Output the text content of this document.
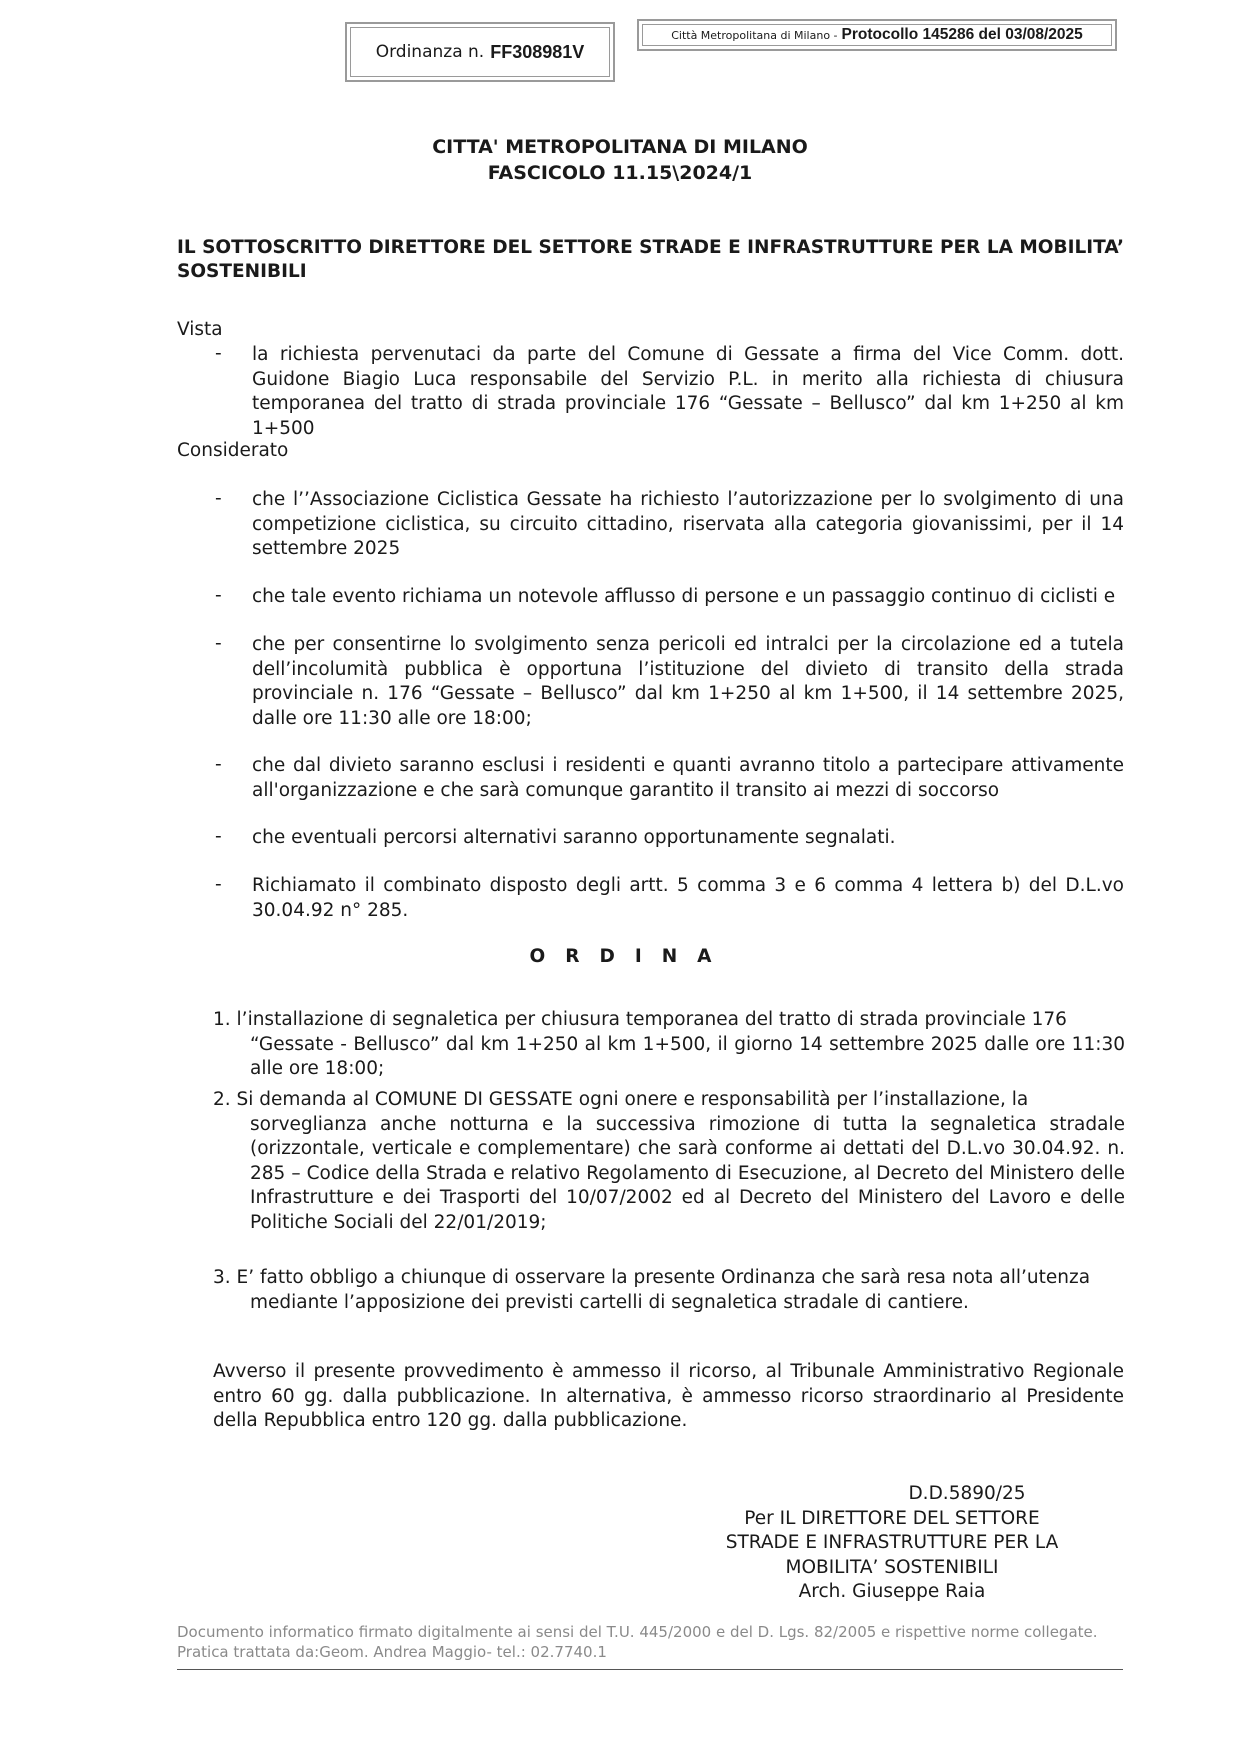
Ordinanza n. FF308981V
Città Metropolitana di Milano - Protocollo 145286 del 03/08/2025
CITTA' METROPOLITANA DI MILANO
FASCICOLO 11.15\2024/1
IL SOTTOSCRITTO DIRETTORE DEL SETTORE STRADE E INFRASTRUTTURE PER LA MOBILITA’ SOSTENIBILI
Vista
- la richiesta pervenutaci da parte del Comune di Gessate a firma del Vice Comm. dott. Guidone Biagio Luca responsabile del Servizio P.L. in merito alla richiesta di chiusura temporanea del tratto di strada provinciale 176 “Gessate – Bellusco” dal km 1+250 al km 1+500
Considerato
- che l’’Associazione Ciclistica Gessate ha richiesto l’autorizzazione per lo svolgimento di una competizione ciclistica, su circuito cittadino, riservata alla categoria giovanissimi, per il 14 settembre 2025
- che tale evento richiama un notevole afflusso di persone e un passaggio continuo di ciclisti e
- che per consentirne lo svolgimento senza pericoli ed intralci per la circolazione ed a tutela dell’incolumità pubblica è opportuna l’istituzione del divieto di transito della strada provinciale n. 176 “Gessate – Bellusco” dal km 1+250 al km 1+500, il 14 settembre 2025, dalle ore 11:30 alle ore 18:00;
- che dal divieto saranno esclusi i residenti e quanti avranno titolo a partecipare attivamente all'organizzazione e che sarà comunque garantito il transito ai mezzi di soccorso
- che eventuali percorsi alternativi saranno opportunamente segnalati.
- Richiamato il combinato disposto degli artt. 5 comma 3 e 6 comma 4 lettera b) del D.L.vo 30.04.92 n° 285.
ORDINA
1. l’installazione di segnaletica per chiusura temporanea del tratto di strada provinciale 176
“Gessate - Bellusco” dal km 1+250 al km 1+500, il giorno 14 settembre 2025 dalle ore 11:30 alle ore 18:00;
2. Si demanda al COMUNE DI GESSATE ogni onere e responsabilità per l’installazione, la
sorveglianza anche notturna e la successiva rimozione di tutta la segnaletica stradale (orizzontale, verticale e complementare) che sarà conforme ai dettati del D.L.vo 30.04.92. n. 285 – Codice della Strada e relativo Regolamento di Esecuzione, al Decreto del Ministero delle Infrastrutture e dei Trasporti del 10/07/2002 ed al Decreto del Ministero del Lavoro e delle Politiche Sociali del 22/01/2019;
3. E’ fatto obbligo a chiunque di osservare la presente Ordinanza che sarà resa nota all’utenza
mediante l’apposizione dei previsti cartelli di segnaletica stradale di cantiere.
Avverso il presente provvedimento è ammesso il ricorso, al Tribunale Amministrativo Regionale entro 60 gg. dalla pubblicazione. In alternativa, è ammesso ricorso straordinario al Presidente della Repubblica entro 120 gg. dalla pubblicazione.
D.D.5890/25
Per IL DIRETTORE DEL SETTORE
STRADE E INFRASTRUTTURE PER LA
MOBILITA’ SOSTENIBILI
Arch. Giuseppe Raia
Documento informatico firmato digitalmente ai sensi del T.U. 445/2000 e del D. Lgs. 82/2005 e rispettive norme collegate.
Pratica trattata da:Geom. Andrea Maggio- tel.: 02.7740.1
